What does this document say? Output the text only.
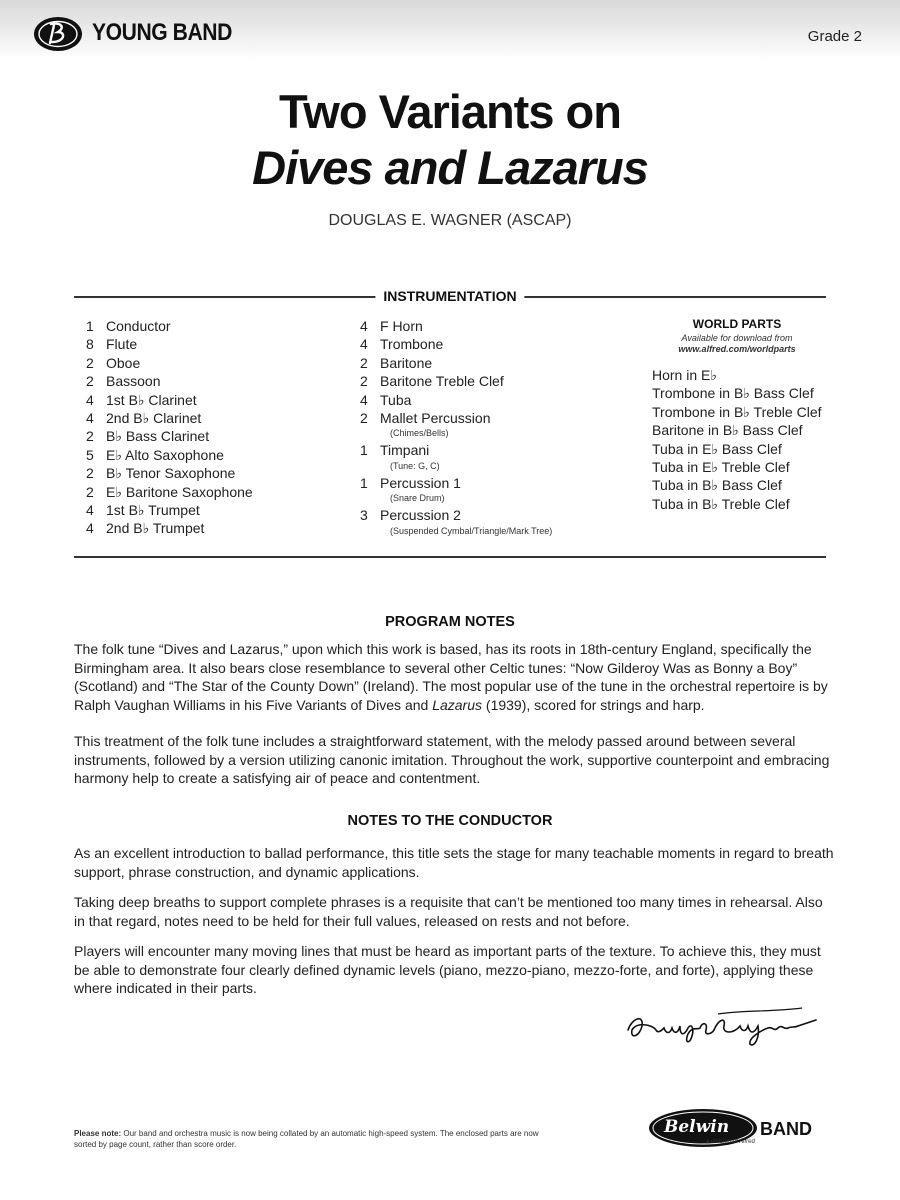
YOUNG BAND	Grade 2
Two Variants on
Dives and Lazarus
DOUGLAS E. WAGNER (ASCAP)
INSTRUMENTATION
1 Conductor
8 Flute
2 Oboe
2 Bassoon
4 1st B♭ Clarinet
4 2nd B♭ Clarinet
2 B♭ Bass Clarinet
5 E♭ Alto Saxophone
2 B♭ Tenor Saxophone
2 E♭ Baritone Saxophone
4 1st B♭ Trumpet
4 2nd B♭ Trumpet
4 F Horn
4 Trombone
2 Baritone
2 Baritone Treble Clef
4 Tuba
2 Mallet Percussion
(Chimes/Bells)
1 Timpani
(Tune: G, C)
1 Percussion 1
(Snare Drum)
3 Percussion 2
(Suspended Cymbal/Triangle/Mark Tree)
WORLD PARTS
Available for download from
www.alfred.com/worldparts
Horn in E♭
Trombone in B♭ Bass Clef
Trombone in B♭ Treble Clef
Baritone in B♭ Bass Clef
Tuba in E♭ Bass Clef
Tuba in E♭ Treble Clef
Tuba in B♭ Bass Clef
Tuba in B♭ Treble Clef
PROGRAM NOTES
The folk tune “Dives and Lazarus,” upon which this work is based, has its roots in 18th-century England, specifically the Birmingham area. It also bears close resemblance to several other Celtic tunes: “Now Gilderoy Was as Bonny a Boy” (Scotland) and “The Star of the County Down” (Ireland). The most popular use of the tune in the orchestral repertoire is by Ralph Vaughan Williams in his Five Variants of Dives and Lazarus (1939), scored for strings and harp.
This treatment of the folk tune includes a straightforward statement, with the melody passed around between several instruments, followed by a version utilizing canonic imitation. Throughout the work, supportive counterpoint and embracing harmony help to create a satisfying air of peace and contentment.
NOTES TO THE CONDUCTOR
As an excellent introduction to ballad performance, this title sets the stage for many teachable moments in regard to breath support, phrase construction, and dynamic applications.
Taking deep breaths to support complete phrases is a requisite that can’t be mentioned too many times in rehearsal. Also in that regard, notes need to be held for their full values, released on rests and not before.
Players will encounter many moving lines that must be heard as important parts of the texture. To achieve this, they must be able to demonstrate four clearly defined dynamic levels (piano, mezzo-piano, mezzo-forte, and forte), applying these where indicated in their parts.
Please note: Our band and orchestra music is now being collated by an automatic high-speed system. The enclosed parts are now sorted by page count, rather than score order.
Belwin BAND
a division of Alfred
